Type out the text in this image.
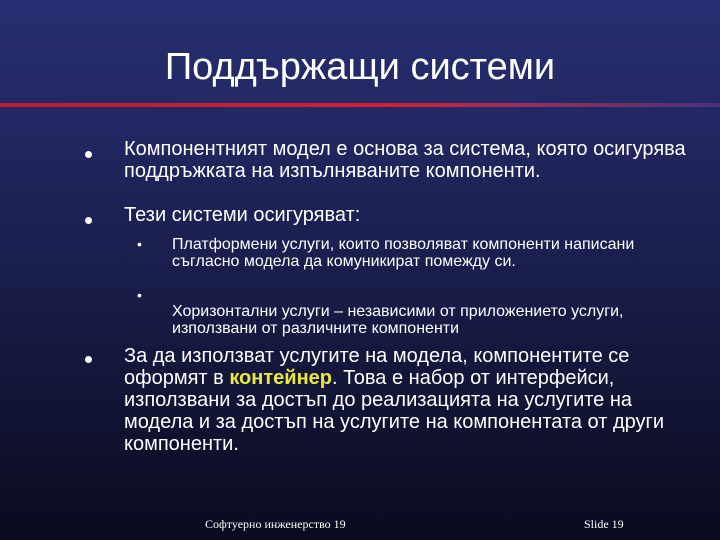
Поддържащи системи
Компонентният модел е основа за система, която осигурява поддръжката на изпълняваните компоненти.
Тези системи осигуряват:
• Платформени услуги, които позволяват компоненти написани съгласно модела да комуникират помежду си.
•
Хоризонтални услуги – независими от приложението услуги, използвани от различните компоненти
За да използват услугите на модела, компонентите се оформят в контейнер. Това е набор от интерфейси, използвани за достъп до реализацията на услугите на модела и за достъп на услугите на компонентата от други компоненти.
Софтуерно инженерство 19	Slide 19
